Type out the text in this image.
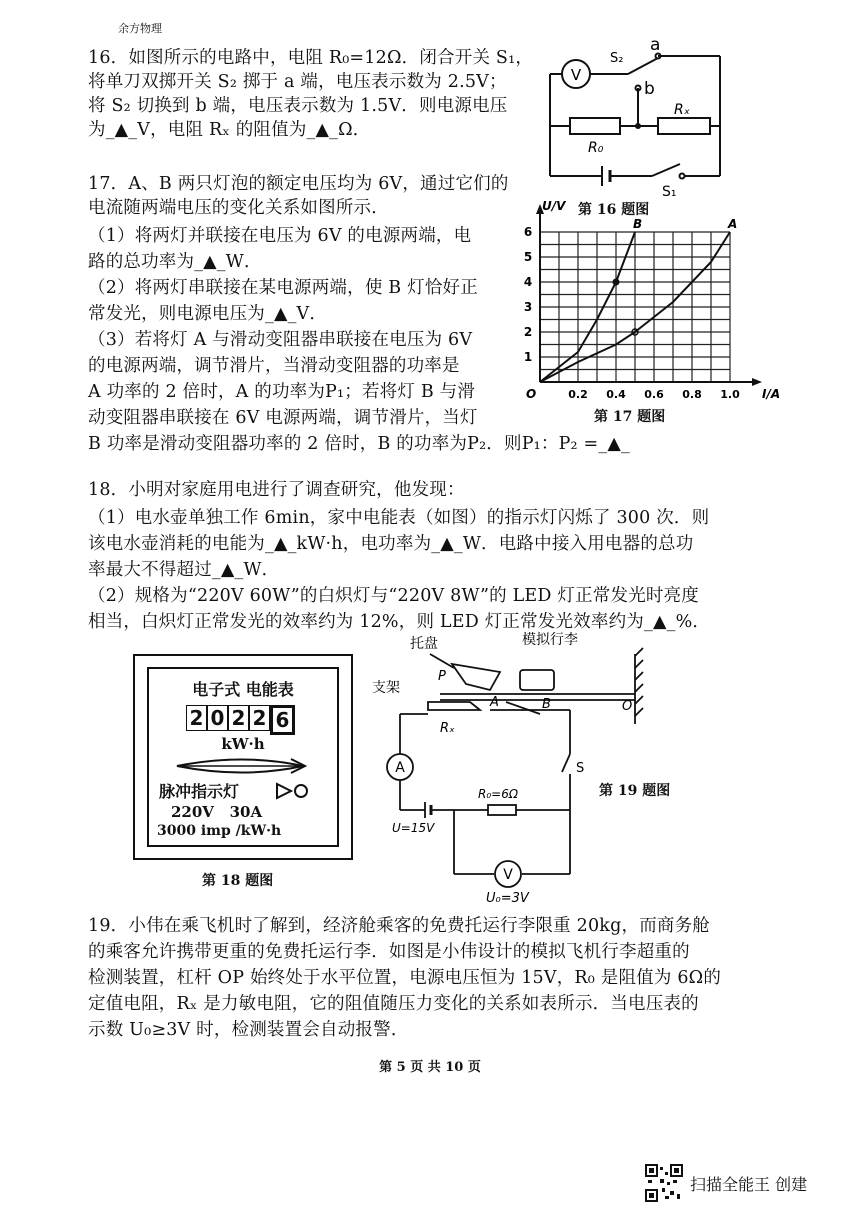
余方物理
16．如图所示的电路中，电阻 R₀=12Ω．闭合开关 S₁，
将单刀双掷开关 S₂ 掷于 a 端，电压表示数为 2.5V；
将 S₂ 切换到 b 端，电压表示数为 1.5V．则电源电压
为_▲_V，电阻 Rₓ 的阻值为_▲_Ω．
V
S₂
a
b
Rₓ
R₀
S₁
第 16 题图
17．A、B 两只灯泡的额定电压均为 6V，通过它们的
电流随两端电压的变化关系如图所示．
（1）将两灯并联接在电压为 6V 的电源两端，电
路的总功率为_▲_W．
（2）将两灯串联接在某电源两端，使 B 灯恰好正
常发光，则电源电压为_▲_V．
（3）若将灯 A 与滑动变阻器串联接在电压为 6V
的电源两端，调节滑片，当滑动变阻器的功率是
A 功率的 2 倍时，A 的功率为P₁；若将灯 B 与滑
动变阻器串联接在 6V 电源两端，调节滑片，当灯
B 功率是滑动变阻器功率的 2 倍时，B 的功率为P₂．则P₁：P₂ =_▲_
0.2 0.4 0.6 0.8 1.0
1
2
3
4
5
6
O	I/A
U/V
B	A
第 17 题图
18．小明对家庭用电进行了调查研究，他发现：
（1）电水壶单独工作 6min，家中电能表（如图）的指示灯闪烁了 300 次．则
该电水壶消耗的电能为_▲_kW·h，电功率为_▲_W．电路中接入用电器的总功
率最大不得超过_▲_W．
（2）规格为“220V 60W”的白炽灯与“220V 8W”的 LED 灯正常发光时亮度
相当，白炽灯正常发光的效率约为 12%，则 LED 灯正常发光效率约为_▲_%．
电子式 电能表
2 0 2 2 6
kW·h
脉冲指示灯
220V   30A
3000 imp /kW·h
第 18 题图
托盘	模拟行李
支架
P
A	B	O
Rₓ
A	S
R₀=6Ω
U=15V
V
U₀=3V
第 19 题图
19．小伟在乘飞机时了解到，经济舱乘客的免费托运行李限重 20kg，而商务舱
的乘客允许携带更重的免费托运行李．如图是小伟设计的模拟飞机行李超重的
检测装置，杠杆 OP 始终处于水平位置，电源电压恒为 15V，R₀ 是阻值为 6Ω的
定值电阻，Rₓ 是力敏电阻，它的阻值随压力变化的关系如表所示．当电压表的
示数 U₀≥3V 时，检测装置会自动报警．
第 5 页 共 10 页
扫描全能王 创建
